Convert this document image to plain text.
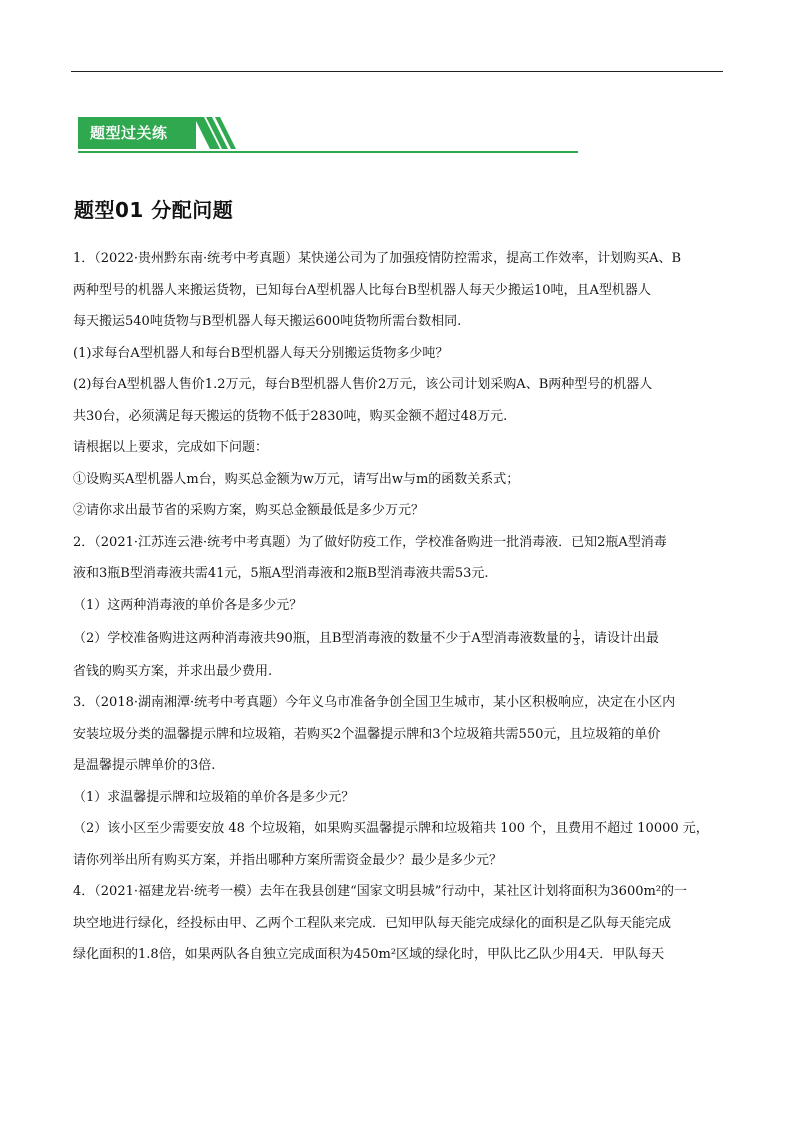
题型过关练
题型01 分配问题
1．（2022·贵州黔东南·统考中考真题）某快递公司为了加强疫情防控需求，提高工作效率，计划购买A、B
两种型号的机器人来搬运货物，已知每台A型机器人比每台B型机器人每天少搬运10吨，且A型机器人
每天搬运540吨货物与B型机器人每天搬运600吨货物所需台数相同.
(1)求每台A型机器人和每台B型机器人每天分别搬运货物多少吨？
(2)每台A型机器人售价1.2万元，每台B型机器人售价2万元，该公司计划采购A、B两种型号的机器人
共30台，必须满足每天搬运的货物不低于2830吨，购买金额不超过48万元.
请根据以上要求，完成如下问题：
①设购买A型机器人m台，购买总金额为w万元，请写出w与m的函数关系式；
②请你求出最节省的采购方案，购买总金额最低是多少万元？
2．（2021·江苏连云港·统考中考真题）为了做好防疫工作，学校准备购进一批消毒液．已知2瓶A型消毒
液和3瓶B型消毒液共需41元，5瓶A型消毒液和2瓶B型消毒液共需53元.
（1）这两种消毒液的单价各是多少元？
（2）学校准备购进这两种消毒液共90瓶，且B型消毒液的数量不少于A型消毒液数量的 $\frac{1}{3}$ ，请设计出最
省钱的购买方案，并求出最少费用.
3．（2018·湖南湘潭·统考中考真题）今年义乌市准备争创全国卫生城市，某小区积极响应，决定在小区内
安装垃圾分类的温馨提示牌和垃圾箱，若购买2个温馨提示牌和3个垃圾箱共需550元，且垃圾箱的单价
是温馨提示牌单价的3倍.
（1）求温馨提示牌和垃圾箱的单价各是多少元？
（2）该小区至少需要安放 48 个垃圾箱，如果购买温馨提示牌和垃圾箱共 100 个，且费用不超过 10000 元，
请你列举出所有购买方案，并指出哪种方案所需资金最少？最少是多少元？
4．（2021·福建龙岩·统考一模）去年在我县创建“国家文明县城”行动中，某社区计划将面积为3600m²的一
块空地进行绿化，经投标由甲、乙两个工程队来完成．已知甲队每天能完成绿化的面积是乙队每天能完成
绿化面积的1.8倍，如果两队各自独立完成面积为450m²区域的绿化时，甲队比乙队少用4天．甲队每天
